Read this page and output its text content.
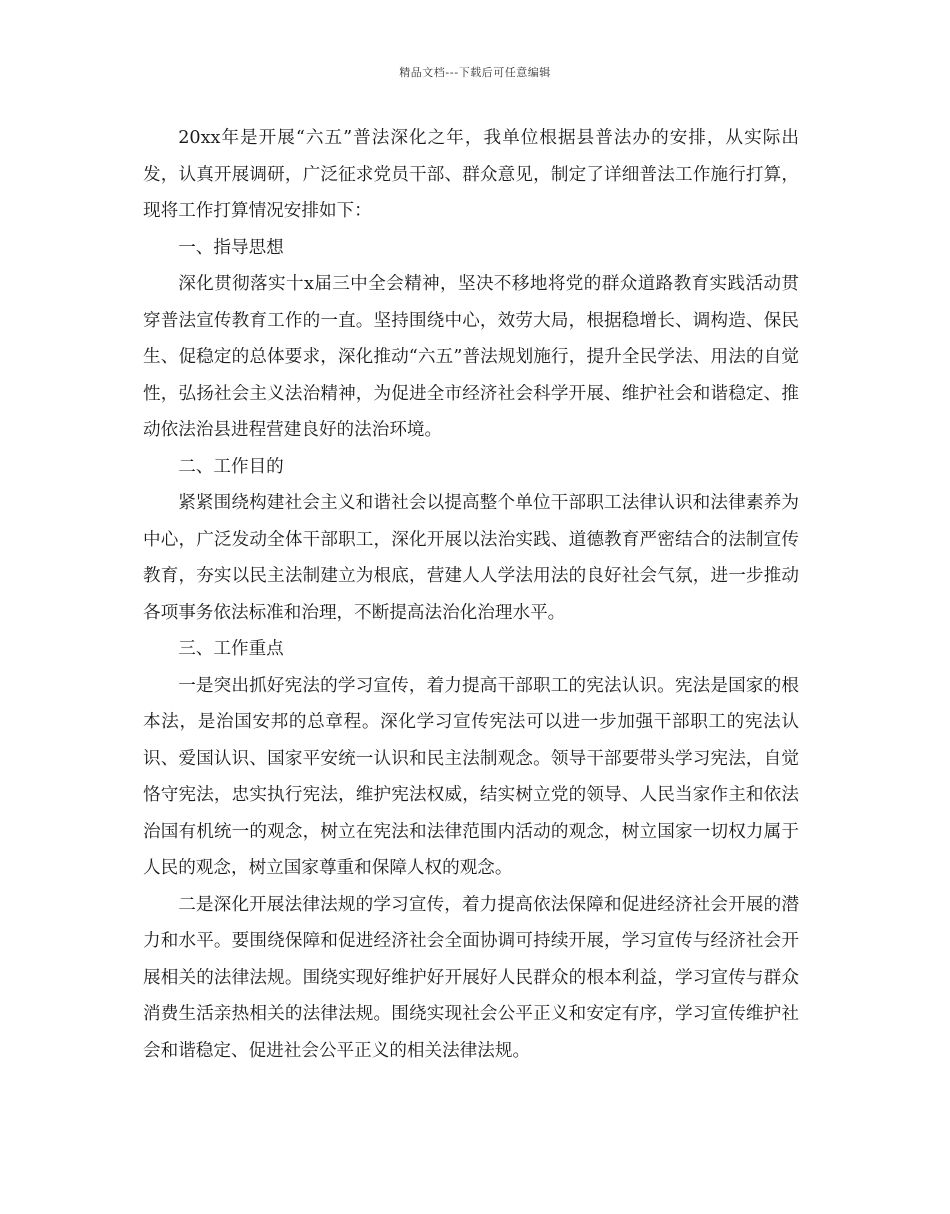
精品文档---下载后可任意编辑

20xx年是开展“六五”普法深化之年，我单位根据县普法办的安排，从实际出发，认真开展调研，广泛征求党员干部、群众意见，制定了详细普法工作施行打算，现将工作打算情况安排如下：

一、指导思想

深化贯彻落实十x届三中全会精神，坚决不移地将党的群众道路教育实践活动贯穿普法宣传教育工作的一直。坚持围绕中心，效劳大局，根据稳增长、调构造、保民生、促稳定的总体要求，深化推动“六五”普法规划施行，提升全民学法、用法的自觉性，弘扬社会主义法治精神，为促进全市经济社会科学开展、维护社会和谐稳定、推动依法治县进程营建良好的法治环境。

二、工作目的

紧紧围绕构建社会主义和谐社会以提高整个单位干部职工法律认识和法律素养为中心，广泛发动全体干部职工，深化开展以法治实践、道德教育严密结合的法制宣传教育，夯实以民主法制建立为根底，营建人人学法用法的良好社会气氛，进一步推动各项事务依法标准和治理，不断提高法治化治理水平。

三、工作重点

一是突出抓好宪法的学习宣传，着力提高干部职工的宪法认识。宪法是国家的根本法，是治国安邦的总章程。深化学习宣传宪法可以进一步加强干部职工的宪法认识、爱国认识、国家平安统一认识和民主法制观念。领导干部要带头学习宪法，自觉恪守宪法，忠实执行宪法，维护宪法权威，结实树立党的领导、人民当家作主和依法治国有机统一的观念，树立在宪法和法律范围内活动的观念，树立国家一切权力属于人民的观念，树立国家尊重和保障人权的观念。

二是深化开展法律法规的学习宣传，着力提高依法保障和促进经济社会开展的潜力和水平。要围绕保障和促进经济社会全面协调可持续开展，学习宣传与经济社会开展相关的法律法规。围绕实现好维护好开展好人民群众的根本利益，学习宣传与群众消费生活亲热相关的法律法规。围绕实现社会公平正义和安定有序，学习宣传维护社会和谐稳定、促进社会公平正义的相关法律法规。
